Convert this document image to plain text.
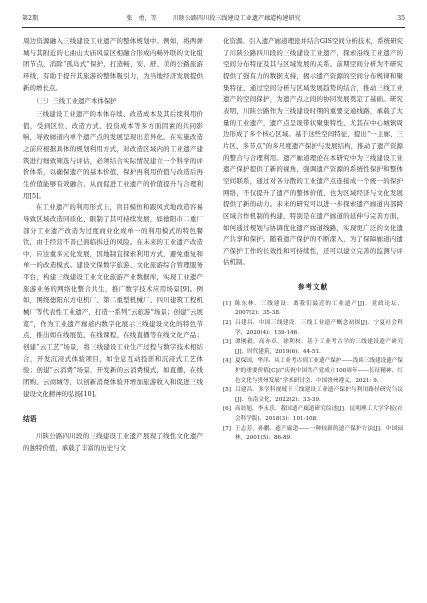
第2期	张　勇，等	川陕公路四川段三线建设工业遗产廊道构建研究	35

周边资源融入三线建设工业遗产的整体规划中。例如，将两弹城与其附近的七曲山大庙风景区相融合形成内畅外联的文化组团节点，消除“孤岛式”保护，打造畅、安、舒、美的公路旅游环线，有助于提升其旅游的整体吸引力，为当地经济发展提供新的增长点。

（三）三线工业遗产本体保护

三线建设工业遗产的本体存续、改造成本及其后续利用价值，受到区位、改造方式、投资成本等多方面因素的共同影响，导致廊道内单个遗产点的发展呈现出差异化。在实施改造之前应根据具体的规划利用方式，对改造区域内的工业遗产建筑进行细致筛选与评估，必须结合实际情况建立一个科学的评价体系，以确保遗产的基本价值，保护再利用价值与改造后再生价值能够有效融合，从而促进工业遗产的价值提升与合理利用[5]。

在工业遗产的利用形式上，盲目模仿和跟风式地改造容易导致区域改造同质化，限制了其可持续发展，如德阳市二重厂部分工业遗产改造为过度商业化或单一的利用模式的特色餐饮，由于经营不善已面临拆迁的风险。在未来的工业遗产改造中，应注重多元化发展，因地制宜探索利用方式，避免重复和单一的改造模式。建设文保数字旅游、文化旅游综合管理服务平台，构建三线建设工业文化旅游产业数据库，实现工业遗产旅游业务的网络化整合共生，推广数字技术应用场景[9]。例如，围绕德阳东方电机厂、第二重型机械厂、四川建筑工程机械厂等代表性工业遗产，打造一系列“云旅游”场景；创建“云展览”，作为工业遗产廊道内数字化展示三线建设文化的特色节点，推出如在线展览、在线课程、在线直播等在线文化产品；创建“云工艺”场景，将三线建设工业生产过程与数字技术相结合，开发沉浸式体验项目，如全息互动投影和沉浸式工艺体验；创建“云消费”场景，开发新的云消费模式，如直播、在线团购、云商城等，以创新消费体验开增加旅游收入和促进三线建设文化精神的弘扬[10]。

结语

川陕公路四川段的三线建设工业遗产展现了线性文化遗产的独特价值，承载了丰富的历史与文

化资源。引入遗产廊道理论并结合GIS空间分析技术，系统研究了川陕公路四川段的三线建设工业遗产，探索沿线工业遗产的空间分布特征及其与区域发展的关系。前期空间分析为不研究提供了强有力的数据支持，揭示遗产资源的空间分布规律和聚集特征，通过空间分析与区域发展趋势的结合，推动三线工业遗产的空间保护，为遗产点之间的协同发展奠定了基础。研究表明，川陕公路作为三线建设时期的重要交通线路，承载了大量的工业遗产，遗产点呈现带状聚集特性，尤其在中心城镇周边形成了多个核心区域。基于这些空间特征，提出“一主廊、三片区、多节点”的多尺度遗产保护与发展结构，推动了遗产资源的整合与合理利用。遗产廊道理论在本研究中为三线建设工业遗产保护提供了新的视角，强调遗产资源的系统性保护和整体空间联系，通过对各分散的工业遗产点连接成一个统一的保护网络，不仅提升了遗产的整体价值，也为区域经济与文化发展提供了新的动力。未来的研究可以进一步探索遗产廊道内部跨区域合作机制的构建，特别是在遗产廊道的延伸与完善方面，如何通过规划与协调优化遗产廊道线路，实现更广泛的文化遗产共享和保护。随着遗产保护的不断深入，为了保障廊道内遗产保护工作的长效性和可持续性，还可以建立完善的监测与评估机制。

参考文献

[1] 陈东林．三线建设：离我们最近的工业遗产[J]．党政论坛，2007(2)：35-38.
[2] 吕建昌．中国三线建设．三线工业遗产概念初探[J]．宁夏社会科学，2020(4)：139-146.
[3] 谭刚毅，高亦卓，徐利权．基于工业考古学的三线建设遗产研究[J]．时代建筑，2019(6)：44-51.
[4] 夏保国，华洋．从工业考古到工业遗产保护——浅谈三线建设遗产保护的重要价值[C]//“庆祝中国共产党成立100周年——长征精神、红色文化与贵州发展”学术研讨会．中国贵州遵义，2021: 9.
[5] 吕建昌．多学科视域下三线建设工业遗产保护与利用路径研究刍议[J]．东南文化，2022(2)：33-39.
[6] 高晨旭，李永乐．我国遗产廊道研究综述[J]．昆明理工大学学报(社会科学版)，2018(3)：101-108.
[7] 王志芳，孙鹏．遗产廊道——一种较新的遗产保护方法[J]．中国园林，2001(5)：86-89.
